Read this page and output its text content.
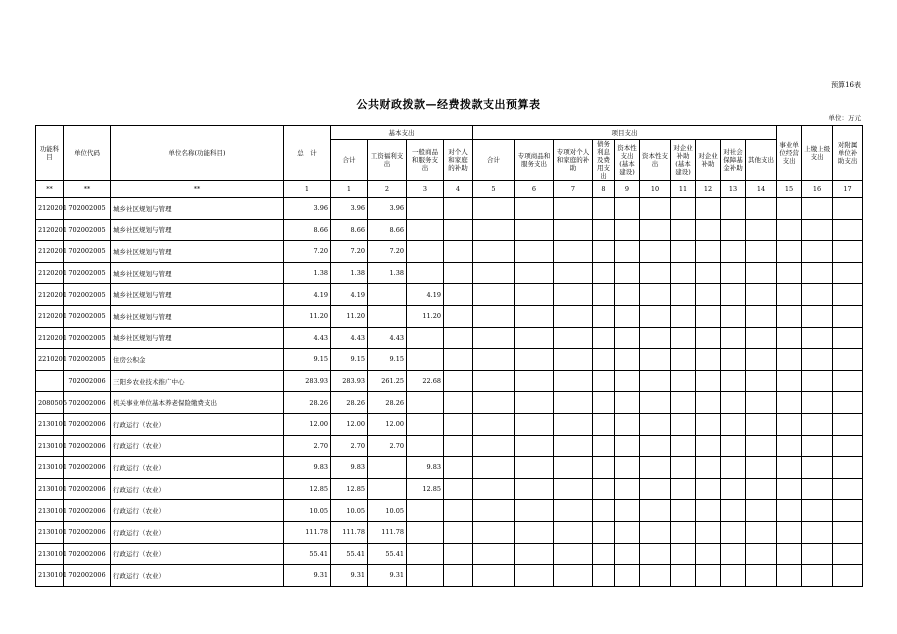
预算16表
公共财政拨款—经费拨款支出预算表
单位：万元
功能科目	单位代码	单位名称(功能科目)	总　计	基本支出				项目支出										事业单位经营支出	上缴上级支出	对附属单位补助支出
				合计	工资福利支出	一般商品和服务支出	对个人和家庭的补助	合计	专项商品和服务支出	专项对个人和家庭的补助	债务利息及费用支出	资本性支出(基本建设)	资本性支出	对企业补助(基本建设)	对企业补助	对社会保障基金补助	其他支出			
**	**	**	1	1	2	3	4	5	6	7	8	9	10	11	12	13	14	15	16	17
2120201	702002005	城乡社区规划与管理	3.96	3.96	3.96															
2120201	702002005	城乡社区规划与管理	8.66	8.66	8.66															
2120201	702002005	城乡社区规划与管理	7.20	7.20	7.20															
2120201	702002005	城乡社区规划与管理	1.38	1.38	1.38															
2120201	702002005	城乡社区规划与管理	4.19	4.19		4.19														
2120201	702002005	城乡社区规划与管理	11.20	11.20		11.20														
2120201	702002005	城乡社区规划与管理	4.43	4.43	4.43															
2210201	702002005	住房公积金	9.15	9.15	9.15															
	702002006	三阳乡农业技术推广中心	283.93	283.93	261.25	22.68														
2080505	702002006	机关事业单位基本养老保险缴费支出	28.26	28.26	28.26															
2130101	702002006	行政运行（农业）	12.00	12.00	12.00															
2130101	702002006	行政运行（农业）	2.70	2.70	2.70															
2130101	702002006	行政运行（农业）	9.83	9.83		9.83														
2130101	702002006	行政运行（农业）	12.85	12.85		12.85														
2130101	702002006	行政运行（农业）	10.05	10.05	10.05															
2130101	702002006	行政运行（农业）	111.78	111.78	111.78															
2130101	702002006	行政运行（农业）	55.41	55.41	55.41															
2130101	702002006	行政运行（农业）	9.31	9.31	9.31															
